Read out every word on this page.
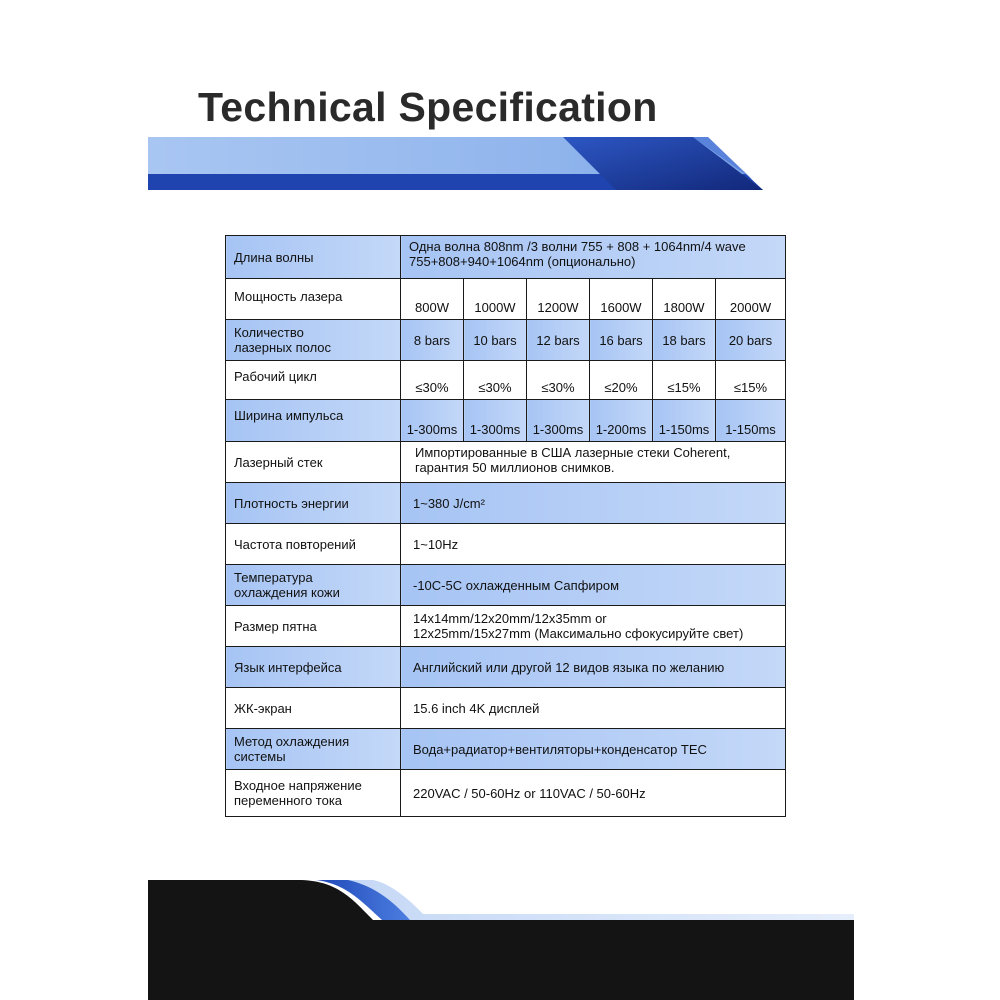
Technical Specification
Длина волны	Одна волна 808nm /3 волни 755 + 808 + 1064nm/4 wave
755+808+940+1064nm (опционально)					

Мощность лазера	800W	1000W	1200W	1600W	1800W	2000W

Количество
лазерных полос	8 bars	10 bars	12 bars	16 bars	18 bars	20 bars
Рабочий цикл	≤30%	≤30%	≤30%	≤20%	≤15%	≤15%
Ширина импульса	1-300ms	1-300ms	1-300ms	1-200ms	1-150ms	1-150ms
Лазерный стек	Импортированные в США лазерные стеки Coherent,
гарантия 50 миллионов снимков.					

Плотность энергии	1~380 J/cm²					
Частота повторений	1~10Hz					

Температура
охлаждения кожи	-10C-5C охлажденным Сапфиром					
Размер пятна	14x14mm/12x20mm/12x35mm or
12x25mm/15x27mm (Максимально сфокусируйте свет)					

Язык интерфейса	Английский или другой 12 видов языка по желанию					
ЖК-экран	15.6 inch 4K дисплей					

Метод охлаждения
системы	Вода+радиатор+вентиляторы+конденсатор TEC					

Входное напряжение
переменного тока	220VAC / 50-60Hz or 110VAC / 50-60Hz					
